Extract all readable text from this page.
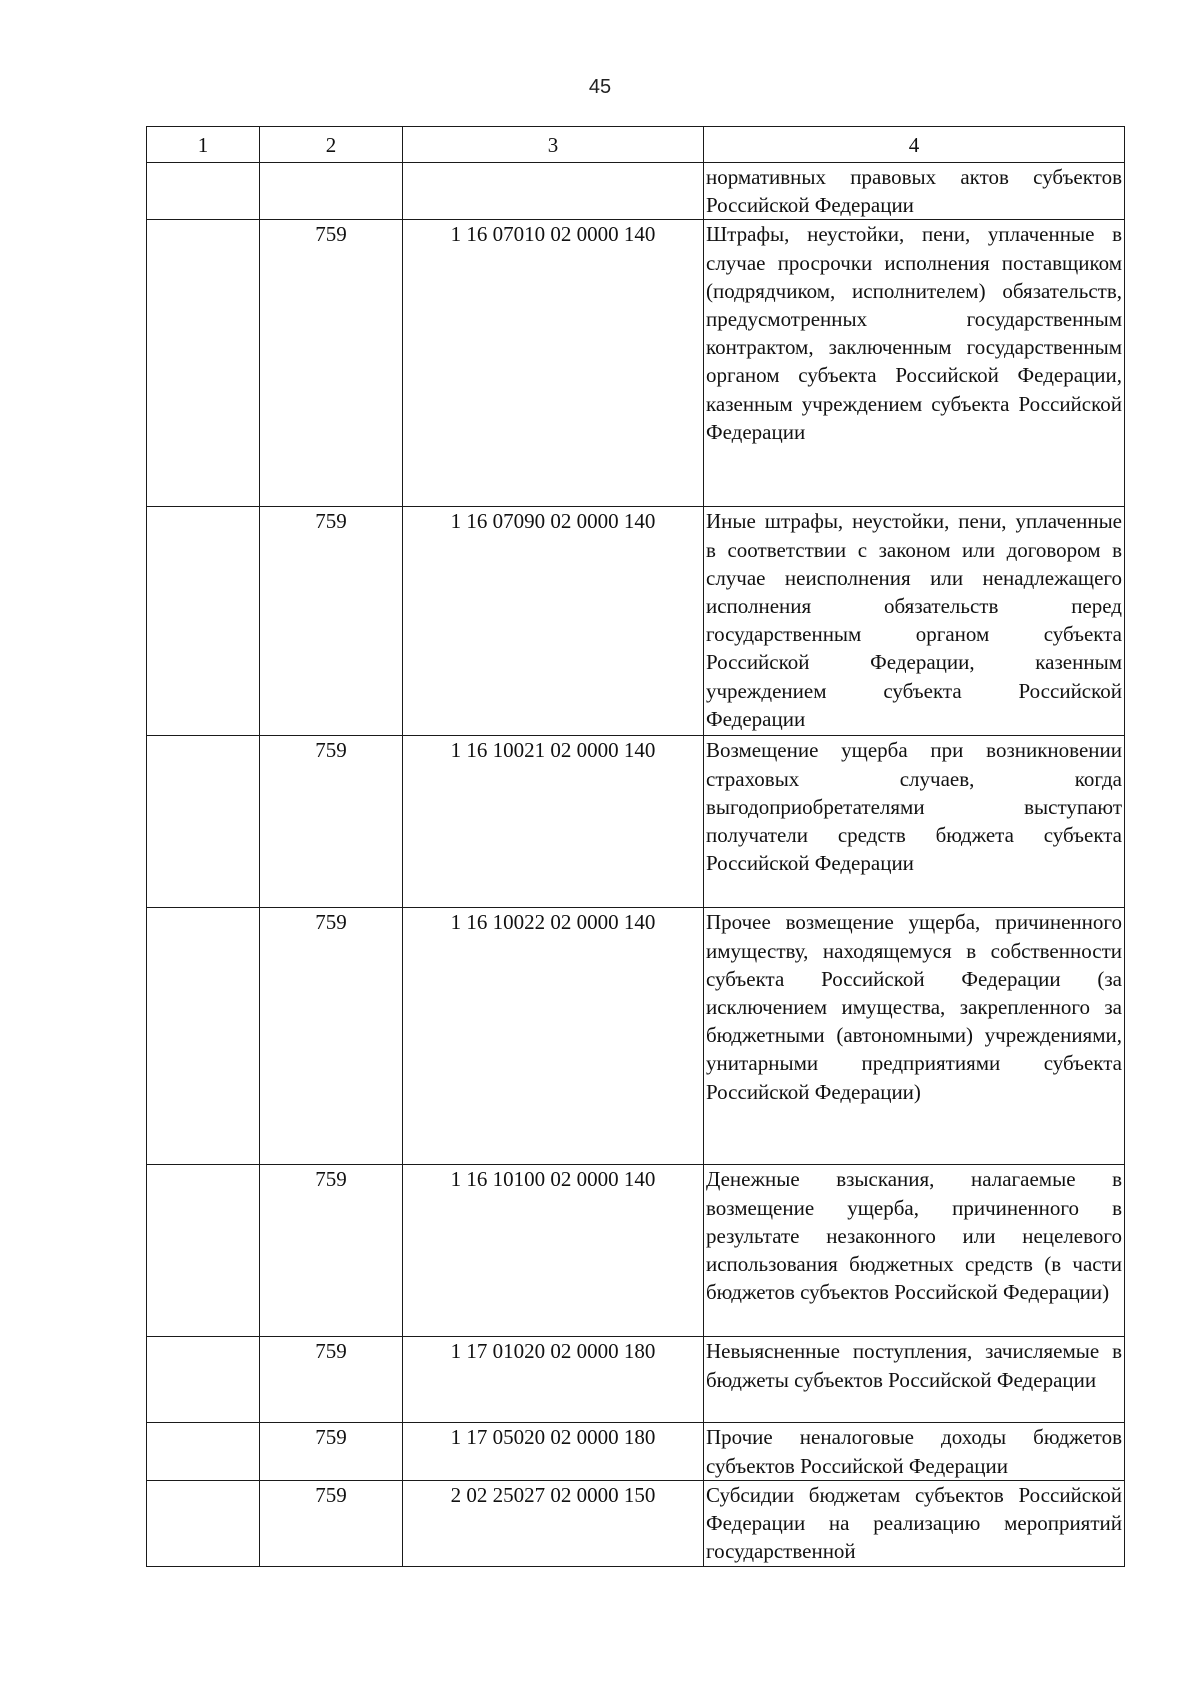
45
1	2	3	4
			нормативных правовых актов субъектов Российской Федерации
	759	1 16 07010 02 0000 140	Штрафы, неустойки, пени, уплаченные в случае просрочки исполнения поставщиком (подрядчиком, исполнителем) обязательств, предусмотренных государственным контрактом, заключенным государственным органом субъекта Российской Федерации, казенным учреждением субъекта Российской Федерации
	759	1 16 07090 02 0000 140	Иные штрафы, неустойки, пени, уплаченные в соответствии с законом или договором в случае неисполнения или ненадлежащего исполнения обязательств перед государственным органом субъекта Российской Федерации, казенным учреждением субъекта Российской Федерации
	759	1 16 10021 02 0000 140	Возмещение ущерба при возникновении страховых случаев, когда выгодоприобретателями выступают получатели средств бюджета субъекта Российской Федерации
	759	1 16 10022 02 0000 140	Прочее возмещение ущерба, причиненного имуществу, находящемуся в собственности субъекта Российской Федерации (за исключением имущества, закрепленного за бюджетными (автономными) учреждениями, унитарными предприятиями субъекта Российской Федерации)
	759	1 16 10100 02 0000 140	Денежные взыскания, налагаемые в возмещение ущерба, причиненного в результате незаконного или нецелевого использования бюджетных средств (в части бюджетов субъектов Российской Федерации)
	759	1 17 01020 02 0000 180	Невыясненные поступления, зачисляемые в бюджеты субъектов Российской Федерации
	759	1 17 05020 02 0000 180	Прочие неналоговые доходы бюджетов субъектов Российской Федерации
	759	2 02 25027 02 0000 150	Субсидии бюджетам субъектов Российской Федерации на реализацию мероприятий государственной
